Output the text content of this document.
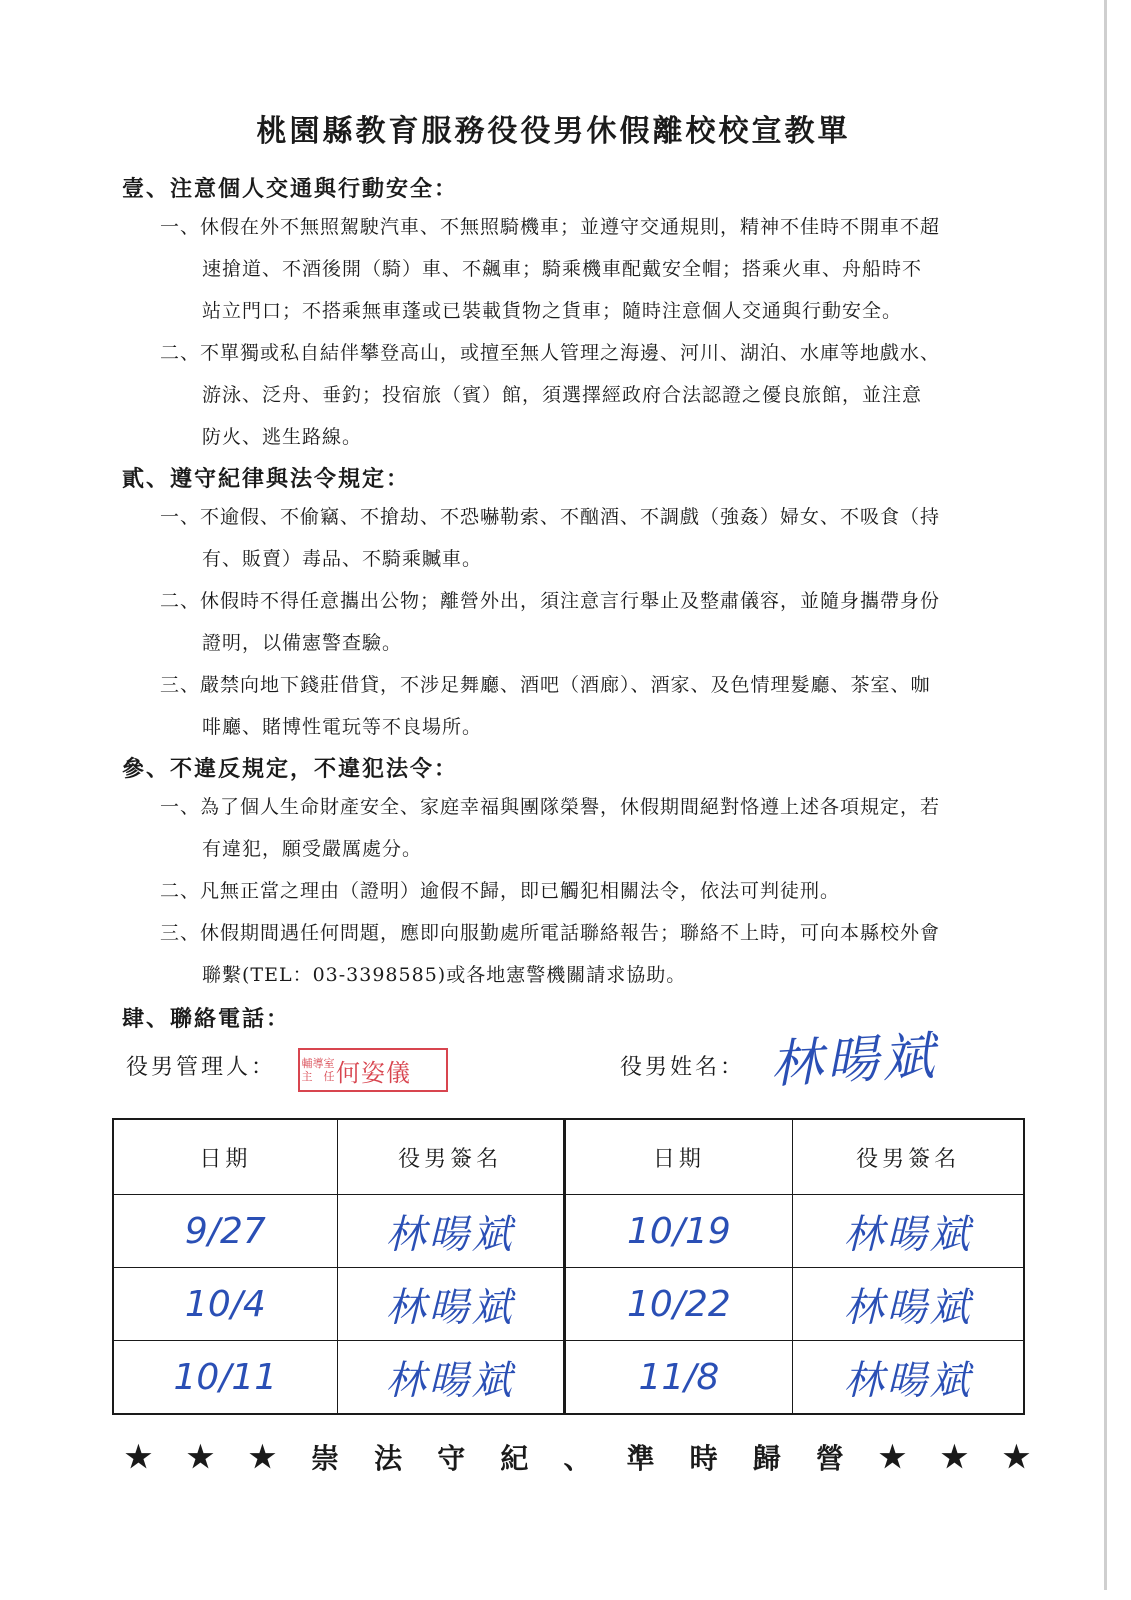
桃園縣教育服務役役男休假離校校宣教單
壹、注意個人交通與行動安全：
一、休假在外不無照駕駛汽車、不無照騎機車；並遵守交通規則，精神不佳時不開車不超
速搶道、不酒後開（騎）車、不飆車；騎乘機車配戴安全帽；搭乘火車、舟船時不
站立門口；不搭乘無車蓬或已裝載貨物之貨車；隨時注意個人交通與行動安全。
二、不單獨或私自結伴攀登高山，或擅至無人管理之海邊、河川、湖泊、水庫等地戲水、
游泳、泛舟、垂釣；投宿旅（賓）館，須選擇經政府合法認證之優良旅館，並注意
防火、逃生路線。
貳、遵守紀律與法令規定：
一、不逾假、不偷竊、不搶劫、不恐嚇勒索、不酗酒、不調戲（強姦）婦女、不吸食（持
有、販賣）毒品、不騎乘贓車。
二、休假時不得任意攜出公物；離營外出，須注意言行舉止及整肅儀容，並隨身攜帶身份
證明，以備憲警查驗。
三、嚴禁向地下錢莊借貸，不涉足舞廳、酒吧（酒廊）、酒家、及色情理髮廳、茶室、咖
啡廳、賭博性電玩等不良場所。
參、不違反規定，不違犯法令：
一、為了個人生命財產安全、家庭幸福與團隊榮譽，休假期間絕對恪遵上述各項規定，若
有違犯，願受嚴厲處分。
二、凡無正當之理由（證明）逾假不歸，即已觸犯相關法令，依法可判徒刑。
三、休假期間遇任何問題，應即向服勤處所電話聯絡報告；聯絡不上時，可向本縣校外會
聯繫(TEL：03-3398585)或各地憲警機關請求協助。
肆、聯絡電話：
役男管理人： 輔導室主　任 何姿儀	役男姓名： 林暘斌
日期	役男簽名	日期	役男簽名
9/27	林暘斌	10/19	林暘斌
10/4	林暘斌	10/22	林暘斌
10/11	林暘斌	11/8	林暘斌
★ ★ ★ 崇 法 守 紀 、 準 時 歸 營 ★ ★ ★
